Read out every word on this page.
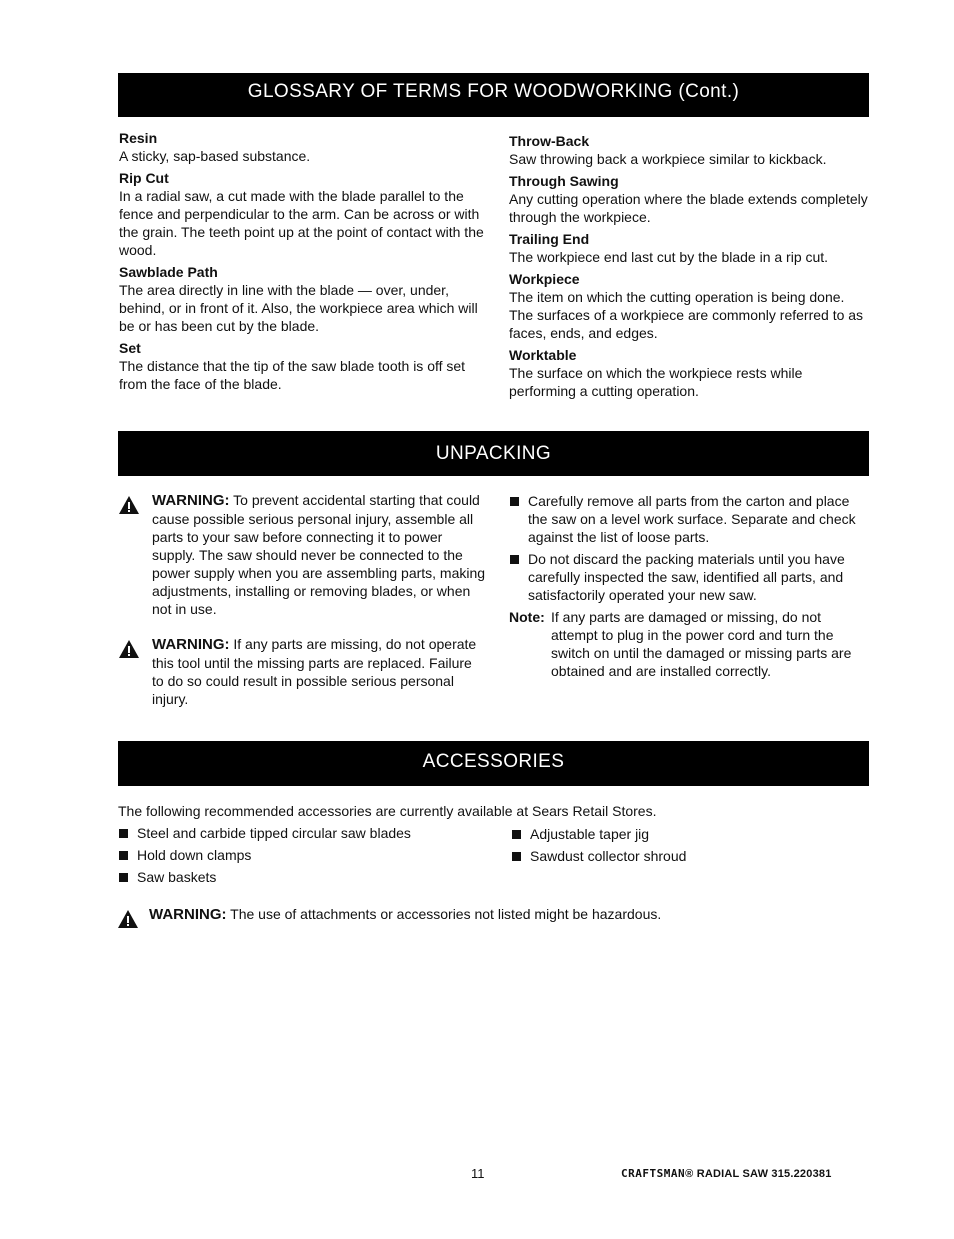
GLOSSARY OF TERMS FOR WOODWORKING (Cont.)

Resin

A sticky, sap-based substance.

Rip Cut

In a radial saw, a cut made with the blade parallel to the fence and perpendicular to the arm. Can be across or with the grain. The teeth point up at the point of contact with the wood.

Sawblade Path

The area directly in line with the blade — over, under, behind, or in front of it. Also, the workpiece area which will be or has been cut by the blade.

Set

The distance that the tip of the saw blade tooth is off set from the face of the blade.

Throw-Back

Saw throwing back a workpiece similar to kickback.

Through Sawing

Any cutting operation where the blade extends completely through the workpiece.

Trailing End

The workpiece end last cut by the blade in a rip cut.

Workpiece

The item on which the cutting operation is being done. The surfaces of a workpiece are commonly referred to as faces, ends, and edges.

Worktable

The surface on which the workpiece rests while performing a cutting operation.

UNPACKING
WARNING: To prevent accidental starting that could cause possible serious personal injury, assemble all parts to your saw before connecting it to power supply. The saw should never be connected to the power supply when you are assembling parts, making adjustments, installing or removing blades, or when not in use.
WARNING: If any parts are missing, do not operate this tool until the missing parts are replaced. Failure to do so could result in possible serious personal injury.
Carefully remove all parts from the carton and place the saw on a level work surface. Separate and check against the list of loose parts.
Do not discard the packing materials until you have carefully inspected the saw, identified all parts, and satisfactorily operated your new saw.
Note: If any parts are damaged or missing, do not attempt to plug in the power cord and turn the switch on until the damaged or missing parts are obtained and are installed correctly.
ACCESSORIES
The following recommended accessories are currently available at Sears Retail Stores.
Steel and carbide tipped circular saw blades
Hold down clamps
Saw baskets
Adjustable taper jig
Sawdust collector shroud
WARNING: The use of attachments or accessories not listed might be hazardous.
11	CRAFTSMAN® RADIAL SAW 315.220381
